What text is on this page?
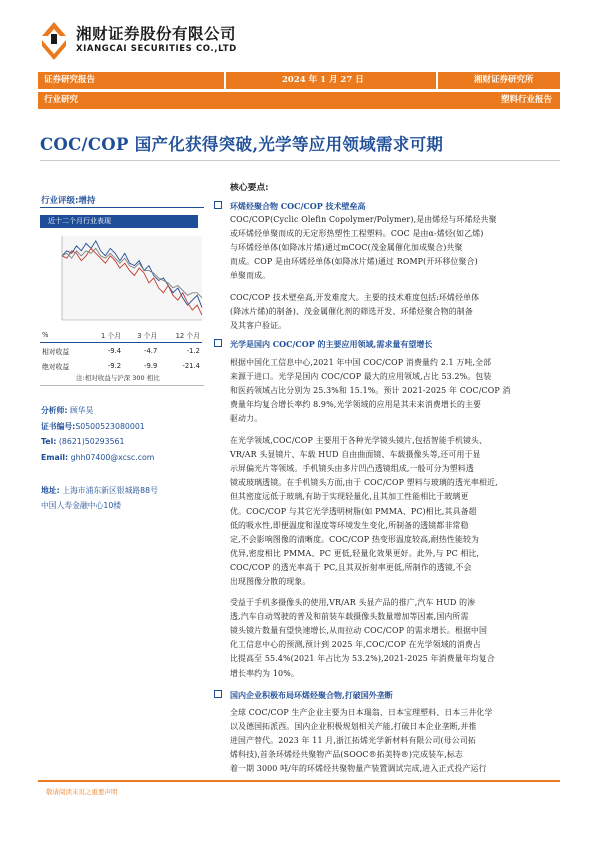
湘财证券股份有限公司
XIANGCAI SECURITIES CO.,LTD
证券研究报告	2024 年 1 月 27 日	湘财证券研究所
行业研究	塑料行业报告
COC/COP 国产化获得突破,光学等应用领域需求可期
行业评级:增持
近十二个月行业表现
%	1 个月	3 个月	12 个月
相对收益	-9.4	-4.7	-1.2
绝对收益	-9.2	-9.9	-21.4
注:相对收益与沪深 300 相比
分析师: 顾华昊
证书编号:S0500523080001
Tel: (8621)50293561
Email: ghh07400@xcsc.com
地址: 上海市浦东新区银城路88号
中国人寿金融中心10楼
核心要点:
环烯烃聚合物 COC/COP 技术壁垒高
COC/COP(Cyclic Olefin Copolymer/Polymer),是由烯烃与环烯烃共聚
或环烯烃单聚而成的无定形热塑性工程塑料。COC 是由α-烯烃(如乙烯)
与环烯烃单体(如降冰片烯)通过mCOC(茂金属催化加成聚合)共聚
而成。COP 是由环烯烃单体(如降冰片烯)通过 ROMP(开环移位聚合)
单聚而成。
COC/COP 技术壁垒高,开发难度大。主要的技术难度包括:环烯烃单体
(降冰片烯)的制备)、茂金属催化剂的筛选开发、环烯烃聚合物的制备
及其客户验证。
光学是国内 COC/COP 的主要应用领域,需求量有望增长
根据中国化工信息中心,2021 年中国 COC/COP 消费量约 2.1 万吨,全部
来源于进口。光学是国内 COC/COP 最大的应用领域,占比 53.2%。包装
和医药领域占比分别为 25.3%和 15.1%。预计 2021-2025 年 COC/COP 消
费量年均复合增长率约 8.9%,光学领域的应用是其未来消费增长的主要
驱动力。
在光学领域,COC/COP 主要用于各种光学镜头镜片,包括智能手机镜头、
VR/AR 头显镜片、车载 HUD 自由曲面镜、车载摄像头等,还可用于显
示屏偏光片等领域。手机镜头由多片凹凸透镜组成,一般可分为塑料透
镜或玻璃透镜。在手机镜头方面,由于 COC/COP 塑料与玻璃的透光率相近,
但其密度远低于玻璃,有助于实现轻量化,且其加工性能相比于玻璃更
优。COC/COP 与其它光学透明树脂(如 PMMA、PC)相比,其具备超
低的吸水性,即便温度和湿度等环境发生变化,所制备的透镜都非常稳
定,不会影响图像的清晰度。COC/COP 热变形温度较高,耐热性能较为
优异,密度相比 PMMA、PC 更低,轻量化效果更好。此外,与 PC 相比,
COC/COP 的透光率高于 PC,且其双折射率更低,所制作的透镜,不会
出现图像分散的现象。
受益于手机多摄像头的使用,VR/AR 头显产品的推广,汽车 HUD 的渗
透,汽车自动驾驶的普及和前装车载摄像头数量增加等因素,国内所需
镜头镜片数量有望快速增长,从而拉动 COC/COP 的需求增长。根据中国
化工信息中心的预测,预计到 2025 年,COC/COP 在光学领域的消费占
比提高至 55.4%(2021 年占比为 53.2%),2021-2025 年消费量年均复合
增长率约为 10%。
国内企业积极布局环烯烃聚合物,打破国外垄断
全球 COC/COP 生产企业主要为日本瑞翁、日本宝理塑料、日本三井化学
以及德国拓派西。国内企业积极规划相关产能,打破日本企业垄断,并推
进国产替代。2023 年 11 月,浙江拓烯光学新材料有限公司(母公司拓
烯科技),首条环烯烃共聚物产品(SOOC®拓美特®)完成装车,标志
着一期 3000 吨/年的环烯烃共聚物量产装置调试完成,进入正式投产运行
敬请阅读末页之重要声明
